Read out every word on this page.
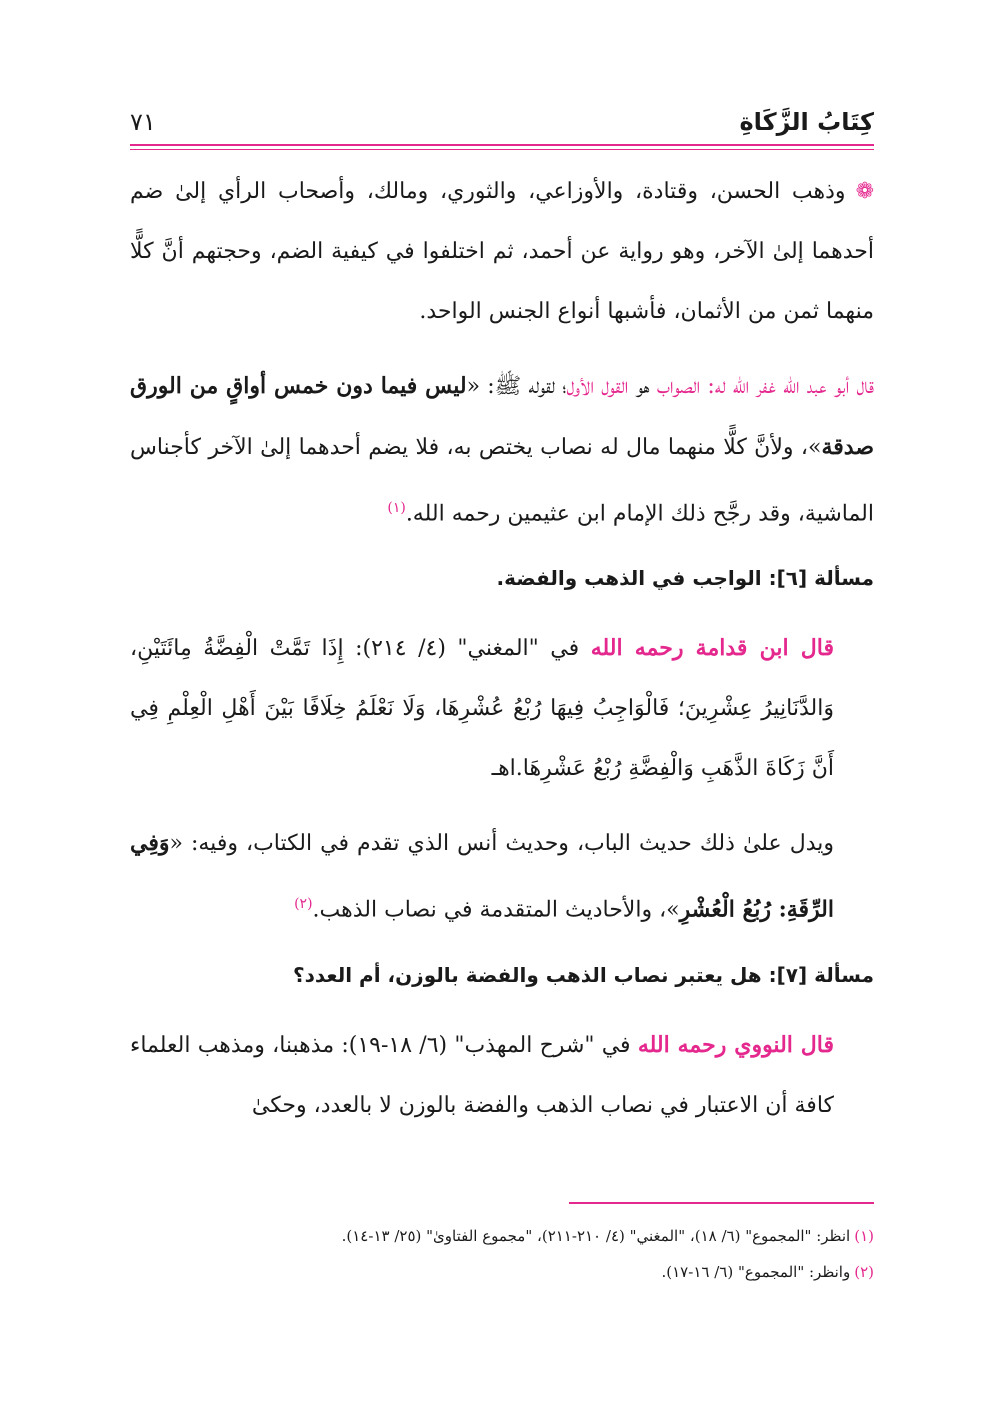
كِتَابُ الزَّكَاةِ
٧١
❁وذهب الحسن، وقتادة، والأوزاعي، والثوري، ومالك، وأصحاب الرأي إلىٰ ضم أحدهما إلىٰ الآخر، وهو رواية عن أحمد، ثم اختلفوا في كيفية الضم، وحجتهم أنَّ كلًّا منهما ثمن من الأثمان، فأشبها أنواع الجنس الواحد.
قال أبو عبد الله غفر الله له: الصواب هو القول الأول؛ لقوله ﷺ: «ليس فيما دون خمس أواقٍ من الورق صدقة»، ولأنَّ كلًّا منهما مال له نصاب يختص به، فلا يضم أحدهما إلىٰ الآخر كأجناس الماشية، وقد رجَّح ذلك الإمام ابن عثيمين رحمه الله.$^{(١)}$
مسألة [٦]: الواجب في الذهب والفضة.
قال ابن قدامة رحمه الله في "المغني" (٤/ ٢١٤): إِذَا تَمَّتْ الْفِضَّةُ مِائَتَيْنِ، وَالدَّنَانِيرُ عِشْرِينَ؛ فَالْوَاجِبُ فِيهَا رُبْعُ عُشْرِهَا، وَلَا نَعْلَمُ خِلَافًا بَيْنَ أَهْلِ الْعِلْمِ فِي أَنَّ زَكَاةَ الذَّهَبِ وَالْفِضَّةِ رُبْعُ عَشْرِهَا.اهـ
ويدل علىٰ ذلك حديث الباب، وحديث أنس الذي تقدم في الكتاب، وفيه: «وَفِي الرِّقَةِ: رُبُعُ الْعُشْرِ»، والأحاديث المتقدمة في نصاب الذهب.$^{(٢)}$
مسألة [٧]: هل يعتبر نصاب الذهب والفضة بالوزن، أم العدد؟
قال النووي رحمه الله في "شرح المهذب" (٦/ ١٨-١٩): مذهبنا، ومذهب العلماء كافة أن الاعتبار في نصاب الذهب والفضة بالوزن لا بالعدد، وحكىٰ
(١)انظر: "المجموع" (٦/ ١٨)، "المغني" (٤/ ٢١٠-٢١١)، "مجموع الفتاوىٰ" (٢٥/ ١٣-١٤).
(٢)وانظر: "المجموع" (٦/ ١٦-١٧).
